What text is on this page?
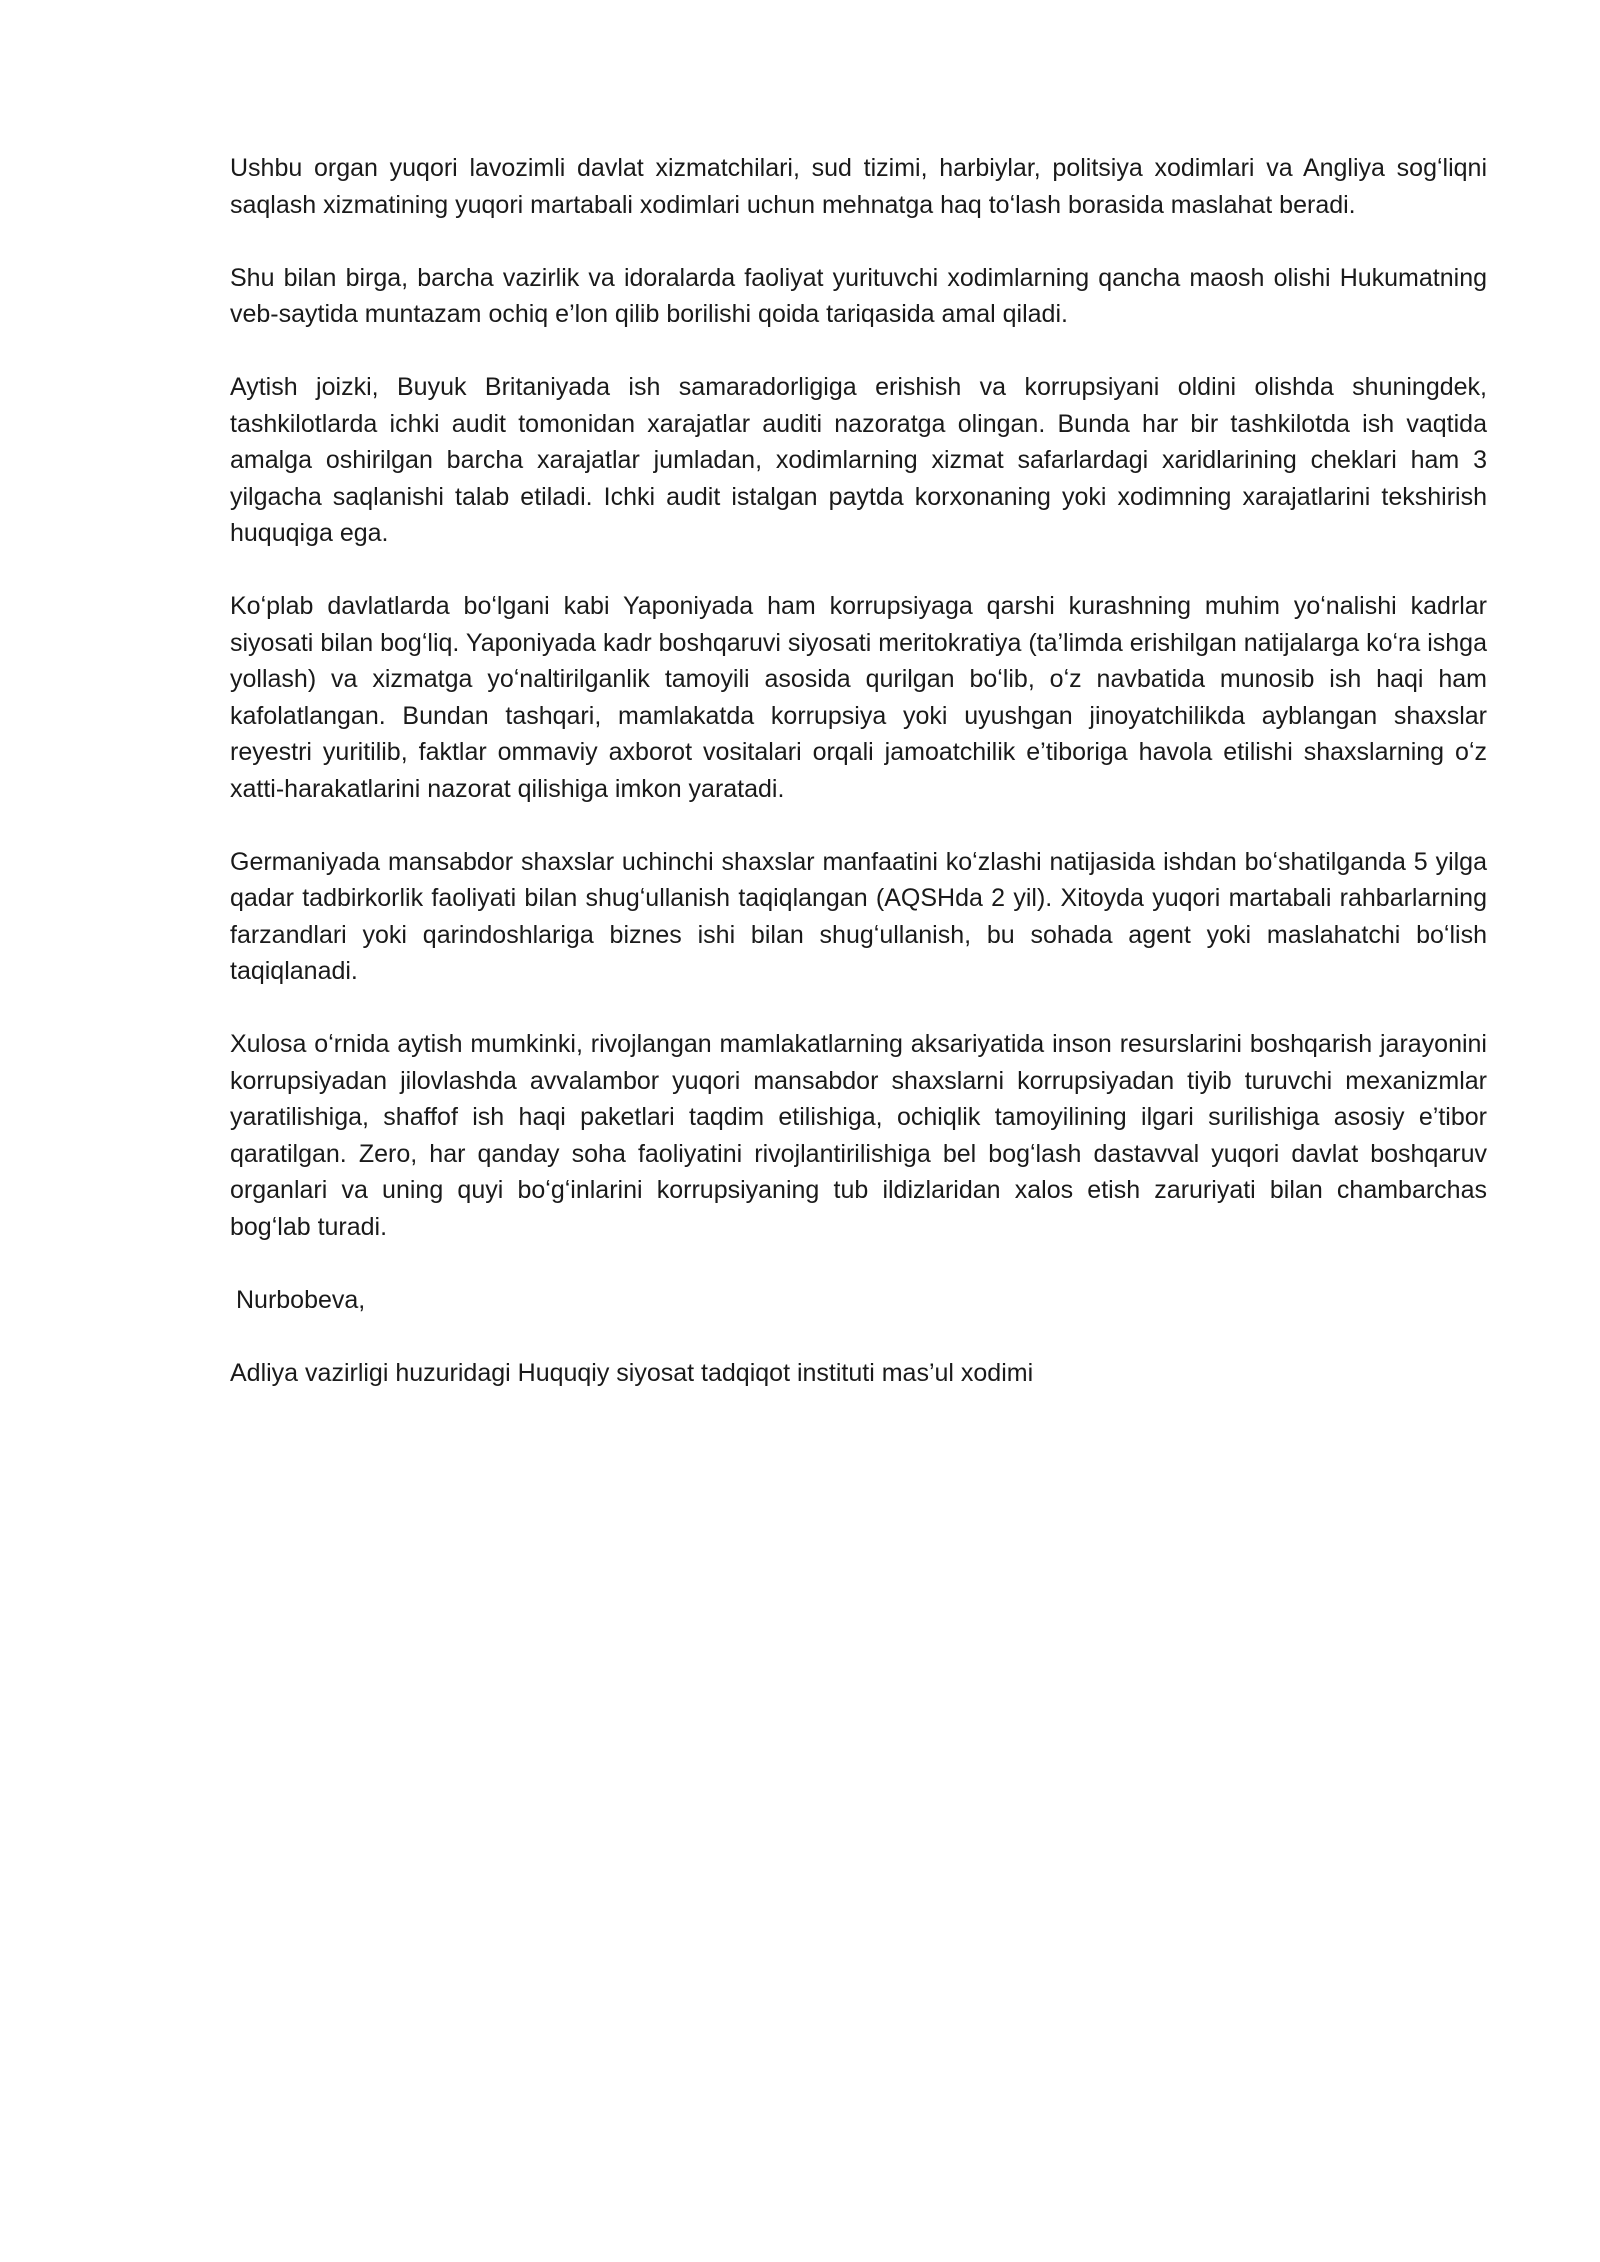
Ushbu organ yuqori lavozimli davlat xizmatchilari, sud tizimi, harbiylar, politsiya xodimlari va Angliya sogʻliqni saqlash xizmatining yuqori martabali xodimlari uchun mehnatga haq toʻlash borasida maslahat beradi.

Shu bilan birga, barcha vazirlik va idoralarda faoliyat yurituvchi xodimlarning qancha maosh olishi Hukumatning veb-saytida muntazam ochiq e’lon qilib borilishi qoida tariqasida amal qiladi.

Aytish joizki, Buyuk Britaniyada ish samaradorligiga erishish va korrupsiyani oldini olishda shuningdek, tashkilotlarda ichki audit tomonidan xarajatlar auditi nazoratga olingan. Bunda har bir tashkilotda ish vaqtida amalga oshirilgan barcha xarajatlar jumladan, xodimlarning xizmat safarlardagi xaridlarining cheklari ham 3 yilgacha saqlanishi talab etiladi. Ichki audit istalgan paytda korxonaning yoki xodimning xarajatlarini tekshirish huquqiga ega.

Koʻplab davlatlarda boʻlgani kabi Yaponiyada ham korrupsiyaga qarshi kurashning muhim yoʻnalishi kadrlar siyosati bilan bogʻliq. Yaponiyada kadr boshqaruvi siyosati meritokratiya (ta’limda erishilgan natijalarga koʻra ishga yollash) va xizmatga yoʻnaltirilganlik tamoyili asosida qurilgan boʻlib, oʻz navbatida munosib ish haqi ham kafolatlangan. Bundan tashqari, mamlakatda korrupsiya yoki uyushgan jinoyatchilikda ayblangan shaxslar reyestri yuritilib, faktlar ommaviy axborot vositalari orqali jamoatchilik e’tiboriga havola etilishi shaxslarning oʻz xatti-harakatlarini nazorat qilishiga imkon yaratadi.

Germaniyada mansabdor shaxslar uchinchi shaxslar manfaatini koʻzlashi natijasida ishdan boʻshatilganda 5 yilga qadar tadbirkorlik faoliyati bilan shugʻullanish taqiqlangan (AQSHda 2 yil). Xitoyda yuqori martabali rahbarlarning farzandlari yoki qarindoshlariga biznes ishi bilan shugʻullanish, bu sohada agent yoki maslahatchi boʻlish taqiqlanadi.

Xulosa oʻrnida aytish mumkinki, rivojlangan mamlakatlarning aksariyatida inson resurslarini boshqarish jarayonini korrupsiyadan jilovlashda avvalambor yuqori mansabdor shaxslarni korrupsiyadan tiyib turuvchi mexanizmlar yaratilishiga, shaffof ish haqi paketlari taqdim etilishiga, ochiqlik tamoyilining ilgari surilishiga asosiy e’tibor qaratilgan. Zero, har qanday soha faoliyatini rivojlantirilishiga bel bogʻlash dastavval yuqori davlat boshqaruv organlari va uning quyi boʻgʻinlarini korrupsiyaning tub ildizlaridan xalos etish zaruriyati bilan chambarchas bogʻlab turadi.

Nurbobeva,

Adliya vazirligi huzuridagi Huquqiy siyosat tadqiqot instituti mas’ul xodimi
